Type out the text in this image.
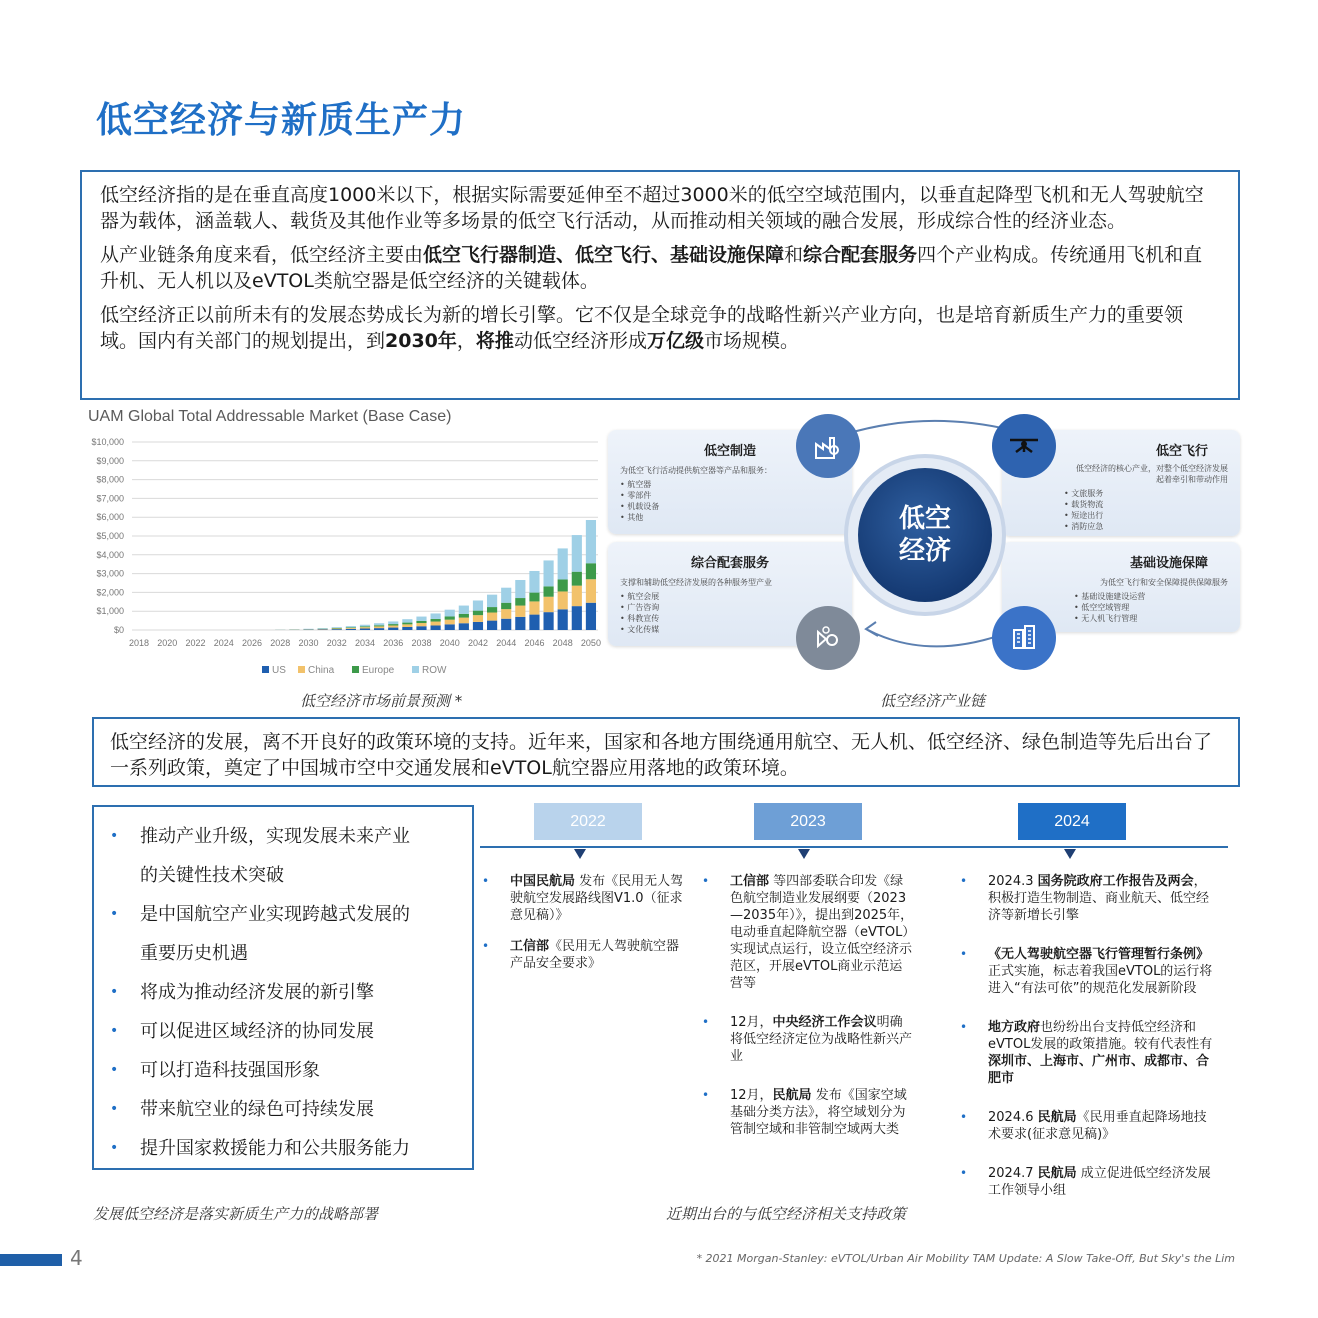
低空经济与新质生产力

低空经济指的是在垂直高度1000米以下，根据实际需要延伸至不超过3000米的低空空域范围内，以垂直起降型飞机和无人驾驶航空器为载体，涵盖载人、载货及其他作业等多场景的低空飞行活动，从而推动相关领域的融合发展，形成综合性的经济业态。

从产业链条角度来看，低空经济主要由低空飞行器制造、低空飞行、基础设施保障和综合配套服务四个产业构成。传统通用飞机和直升机、无人机以及eVTOL类航空器是低空经济的关键载体。

低空经济正以前所未有的发展态势成长为新的增长引擎。它不仅是全球竞争的战略性新兴产业方向，也是培育新质生产力的重要领域。国内有关部门的规划提出，到2030年，将推动低空经济形成万亿级市场规模。

UAM Global Total Addressable Market (Base Case)
$10,000
$9,000
$8,000
$7,000
$6,000
$5,000
$4,000
$3,000
$2,000
$1,000
$0
2018 2020 2022 2024 2026 2028 2030 2032 2034 2036 2038 2040 2042 2044 2046 2048 2050
US China	Europe	ROW
低空经济市场前景预测 *
低空制造
为低空飞行活动提供航空器等产品和服务：
• 航空器
• 零部件
• 机载设备
• 其他
低空飞行
低空经济的核心产业，对整个低空经济发展
起着牵引和带动作用
• 文旅服务
• 载货物流
• 短途出行
• 消防应急
综合配套服务
支撑和辅助低空经济发展的各种服务型产业
• 航空会展
• 广告咨询
• 科教宣传
• 文化传媒
基础设施保障
为低空飞行和安全保障提供保障服务
• 基础设施建设运营
• 低空空域管理
• 无人机飞行管理
低空
经济
低空经济产业链
低空经济的发展，离不开良好的政策环境的支持。近年来，国家和各地方围绕通用航空、无人机、低空经济、绿色制造等先后出台了一系列政策，奠定了中国城市空中交通发展和eVTOL航空器应用落地的政策环境。
• 推动产业升级，实现发展未来产业
的关键性技术突破
• 是中国航空产业实现跨越式发展的
重要历史机遇
• 将成为推动经济发展的新引擎
• 可以促进区域经济的协同发展
• 可以打造科技强国形象
• 带来航空业的绿色可持续发展
• 提升国家救援能力和公共服务能力
发展低空经济是落实新质生产力的战略部署
2022	2023	2024
• 中国民航局 发布《民用无人驾驶航空发展路线图V1.0（征求意见稿）》
• 工信部《民用无人驾驶航空器产品安全要求》
• 工信部 等四部委联合印发《绿色航空制造业发展纲要（2023—2035年）》，提出到2025年，电动垂直起降航空器（eVTOL）实现试点运行，设立低空经济示范区，开展eVTOL商业示范运营等
• 12月，中央经济工作会议明确将低空经济定位为战略性新兴产业
• 12月，民航局 发布《国家空域基础分类方法》，将空域划分为管制空域和非管制空域两大类
• 2024.3 国务院政府工作报告及两会，积极打造生物制造、商业航天、低空经济等新增长引擎
• 《无人驾驶航空器飞行管理暂行条例》正式实施，标志着我国eVTOL的运行将进入“有法可依”的规范化发展新阶段
• 地方政府也纷纷出台支持低空经济和eVTOL发展的政策措施。较有代表性有深圳市、上海市、广州市、成都市、合肥市
• 2024.6 民航局《民用垂直起降场地技术要求(征求意见稿)》
• 2024.7 民航局 成立促进低空经济发展工作领导小组
近期出台的与低空经济相关支持政策
4	* 2021 Morgan-Stanley: eVTOL/Urban Air Mobility TAM Update: A Slow Take-Off, But Sky's the Lim
